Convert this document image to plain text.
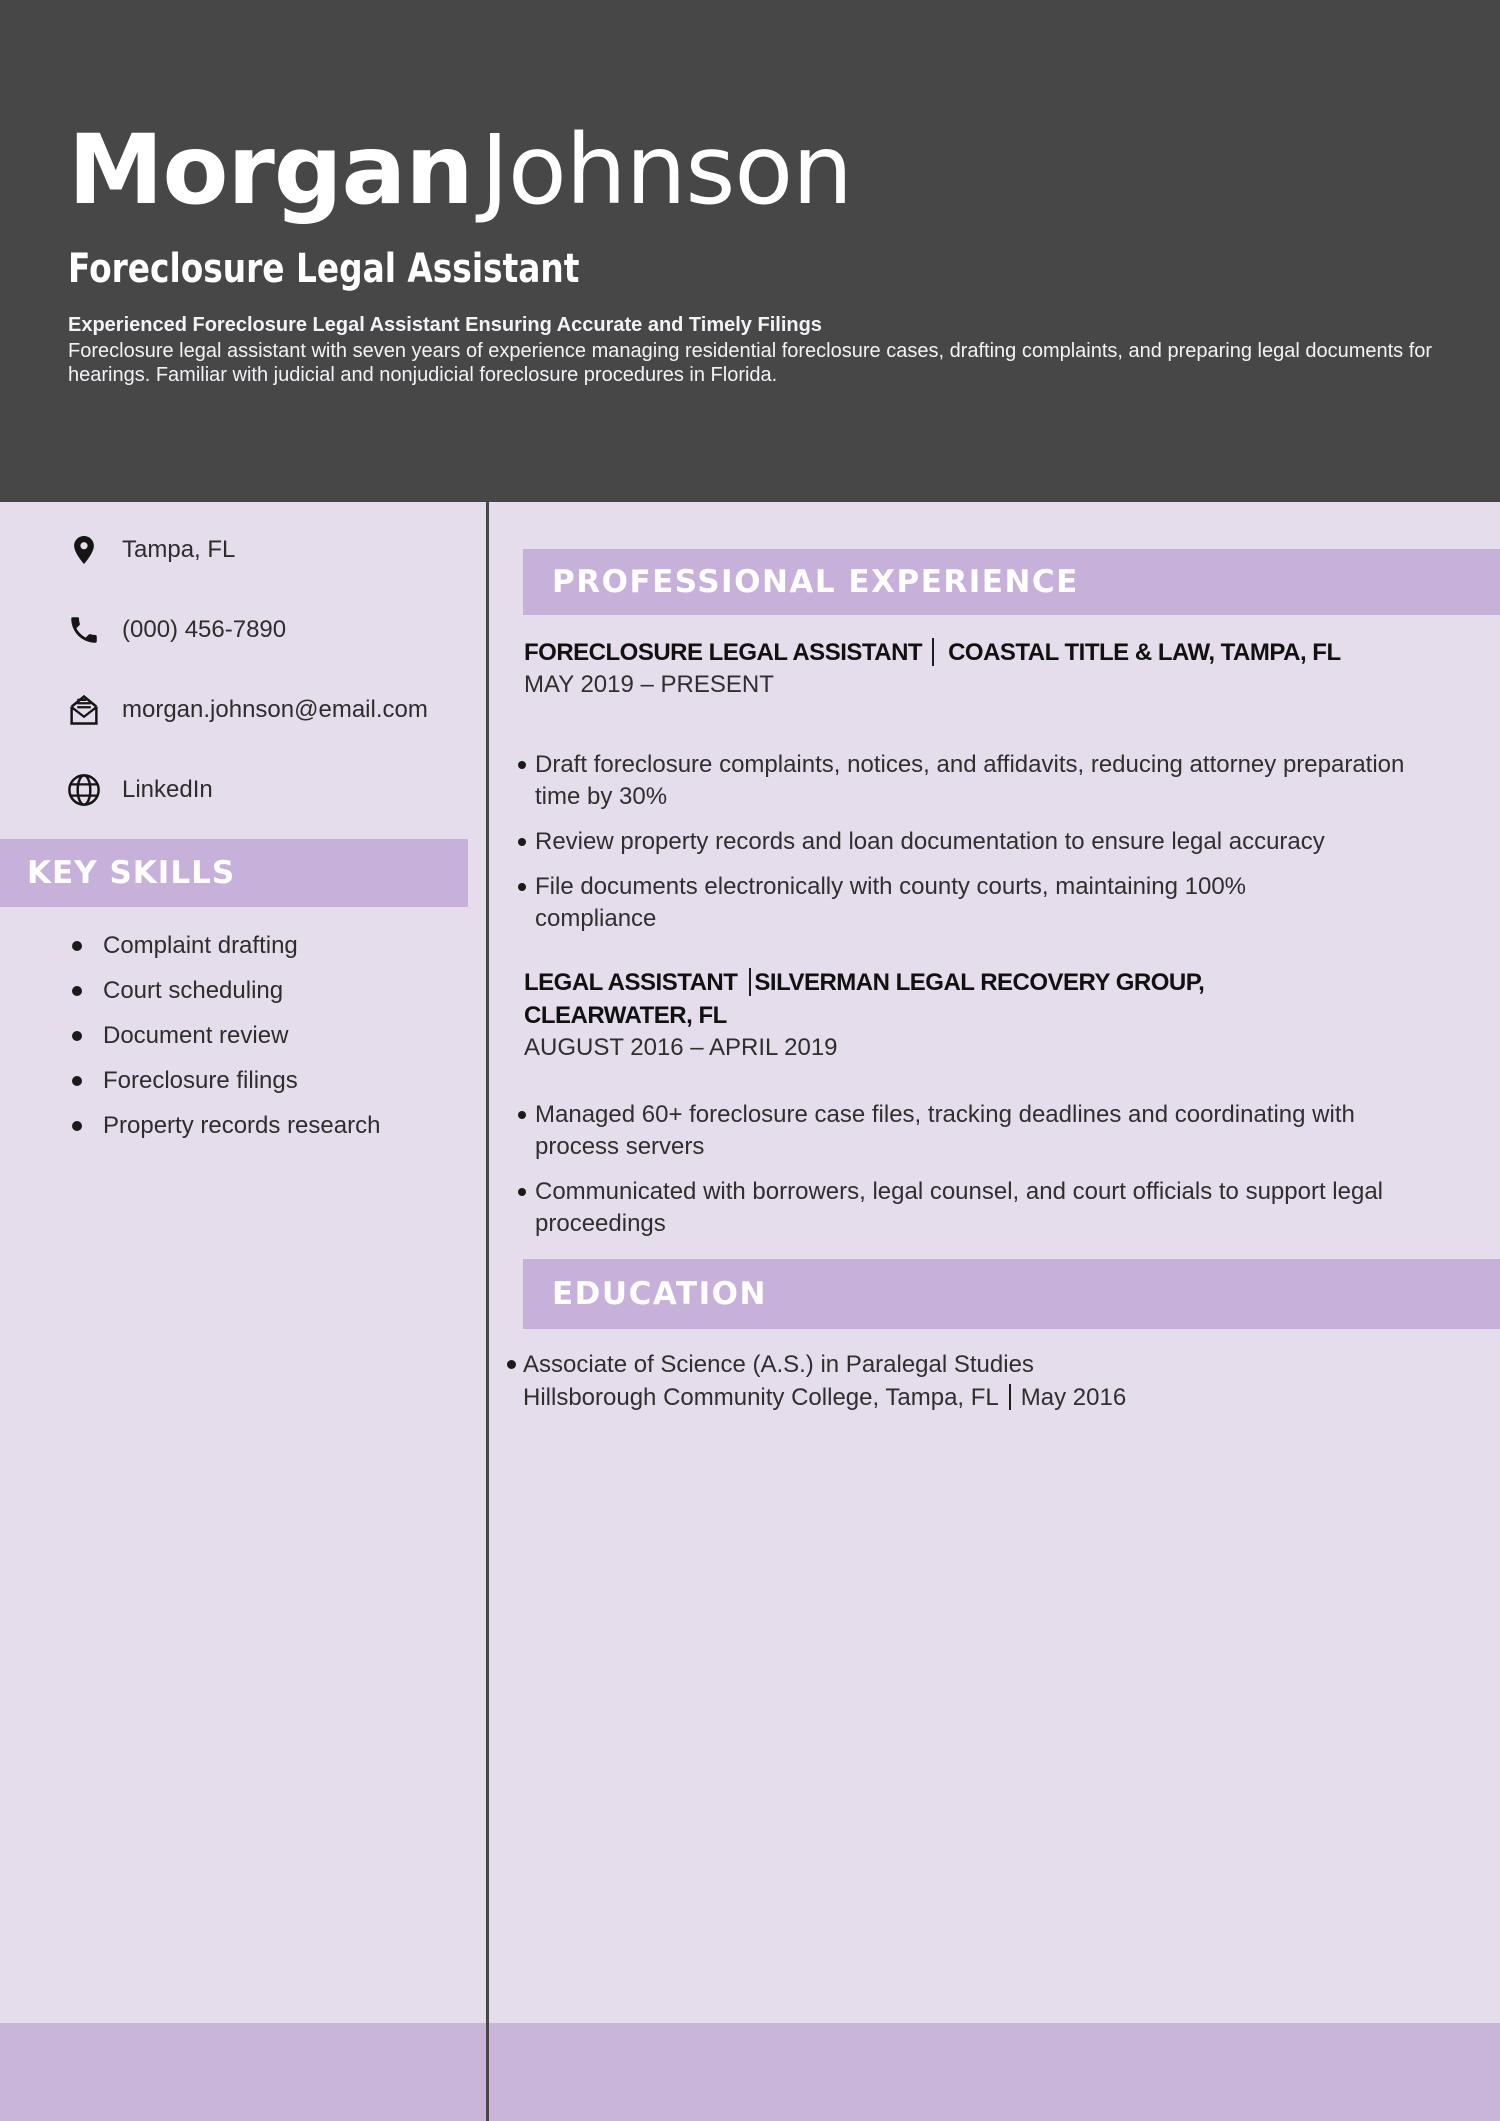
MorganJohnson
Foreclosure Legal Assistant
Experienced Foreclosure Legal Assistant Ensuring Accurate and Timely Filings
Foreclosure legal assistant with seven years of experience managing residential foreclosure cases, drafting complaints, and preparing legal documents for hearings. Familiar with judicial and nonjudicial foreclosure procedures in Florida.
Tampa, FL
(000) 456-7890
morgan.johnson@email.com
LinkedIn
KEY SKILLS
Complaint drafting
Court scheduling
Document review
Foreclosure filings
Property records research
PROFESSIONAL EXPERIENCE
FORECLOSURE LEGAL ASSISTANT COASTAL TITLE & LAW, TAMPA, FL
MAY 2019 – PRESENT
Draft foreclosure complaints, notices, and affidavits, reducing attorney preparation time by 30%
Review property records and loan documentation to ensure legal accuracy
File documents electronically with county courts, maintaining 100% compliance
LEGAL ASSISTANT SILVERMAN LEGAL RECOVERY GROUP, CLEARWATER, FL
AUGUST 2016 – APRIL 2019
Managed 60+ foreclosure case files, tracking deadlines and coordinating with process servers
Communicated with borrowers, legal counsel, and court officials to support legal proceedings
EDUCATION
Associate of Science (A.S.) in Paralegal Studies
Hillsborough Community College, Tampa, FL May 2016
